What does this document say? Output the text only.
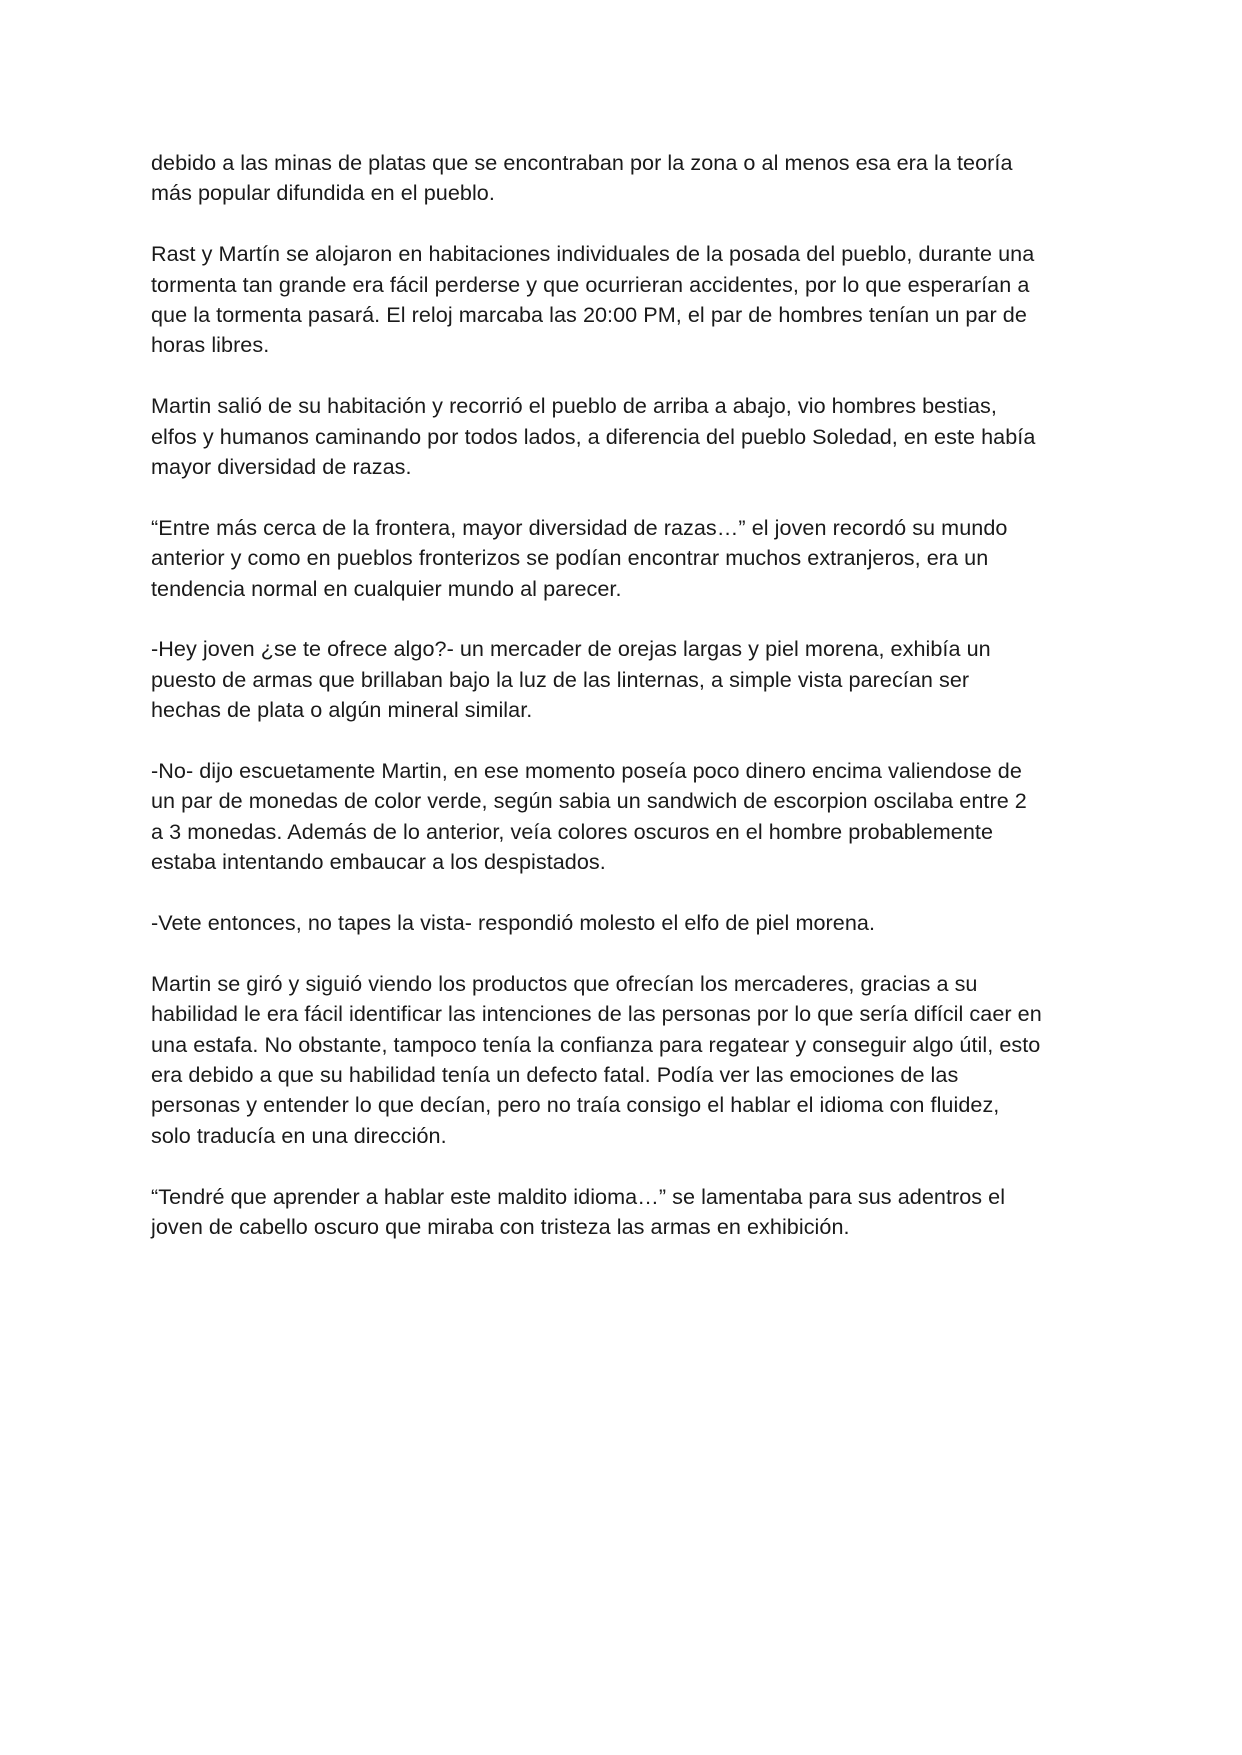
debido a las minas de platas que se encontraban por la zona o al menos esa era la teoría
más popular difundida en el pueblo.

Rast y Martín se alojaron en habitaciones individuales de la posada del pueblo, durante una
tormenta tan grande era fácil perderse y que ocurrieran accidentes, por lo que esperarían a
que la tormenta pasará. El reloj marcaba las 20:00 PM, el par de hombres tenían un par de
horas libres.

Martin salió de su habitación y recorrió el pueblo de arriba a abajo, vio hombres bestias,
elfos y humanos caminando por todos lados, a diferencia del pueblo Soledad, en este había
mayor diversidad de razas.

“Entre más cerca de la frontera, mayor diversidad de razas…” el joven recordó su mundo
anterior y como en pueblos fronterizos se podían encontrar muchos extranjeros, era un
tendencia normal en cualquier mundo al parecer.

-Hey joven ¿se te ofrece algo?- un mercader de orejas largas y piel morena, exhibía un
puesto de armas que brillaban bajo la luz de las linternas, a simple vista parecían ser
hechas de plata o algún mineral similar.

-No- dijo escuetamente Martin, en ese momento poseía poco dinero encima valiendose de
un par de monedas de color verde, según sabia un sandwich de escorpion oscilaba entre 2
a 3 monedas. Además de lo anterior, veía colores oscuros en el hombre probablemente
estaba intentando embaucar a los despistados.

-Vete entonces, no tapes la vista- respondió molesto el elfo de piel morena.

Martin se giró y siguió viendo los productos que ofrecían los mercaderes, gracias a su
habilidad le era fácil identificar las intenciones de las personas por lo que sería difícil caer en
una estafa. No obstante, tampoco tenía la confianza para regatear y conseguir algo útil, esto
era debido a que su habilidad tenía un defecto fatal. Podía ver las emociones de las
personas y entender lo que decían, pero no traía consigo el hablar el idioma con fluidez,
solo traducía en una dirección.

“Tendré que aprender a hablar este maldito idioma…” se lamentaba para sus adentros el
joven de cabello oscuro que miraba con tristeza las armas en exhibición.
